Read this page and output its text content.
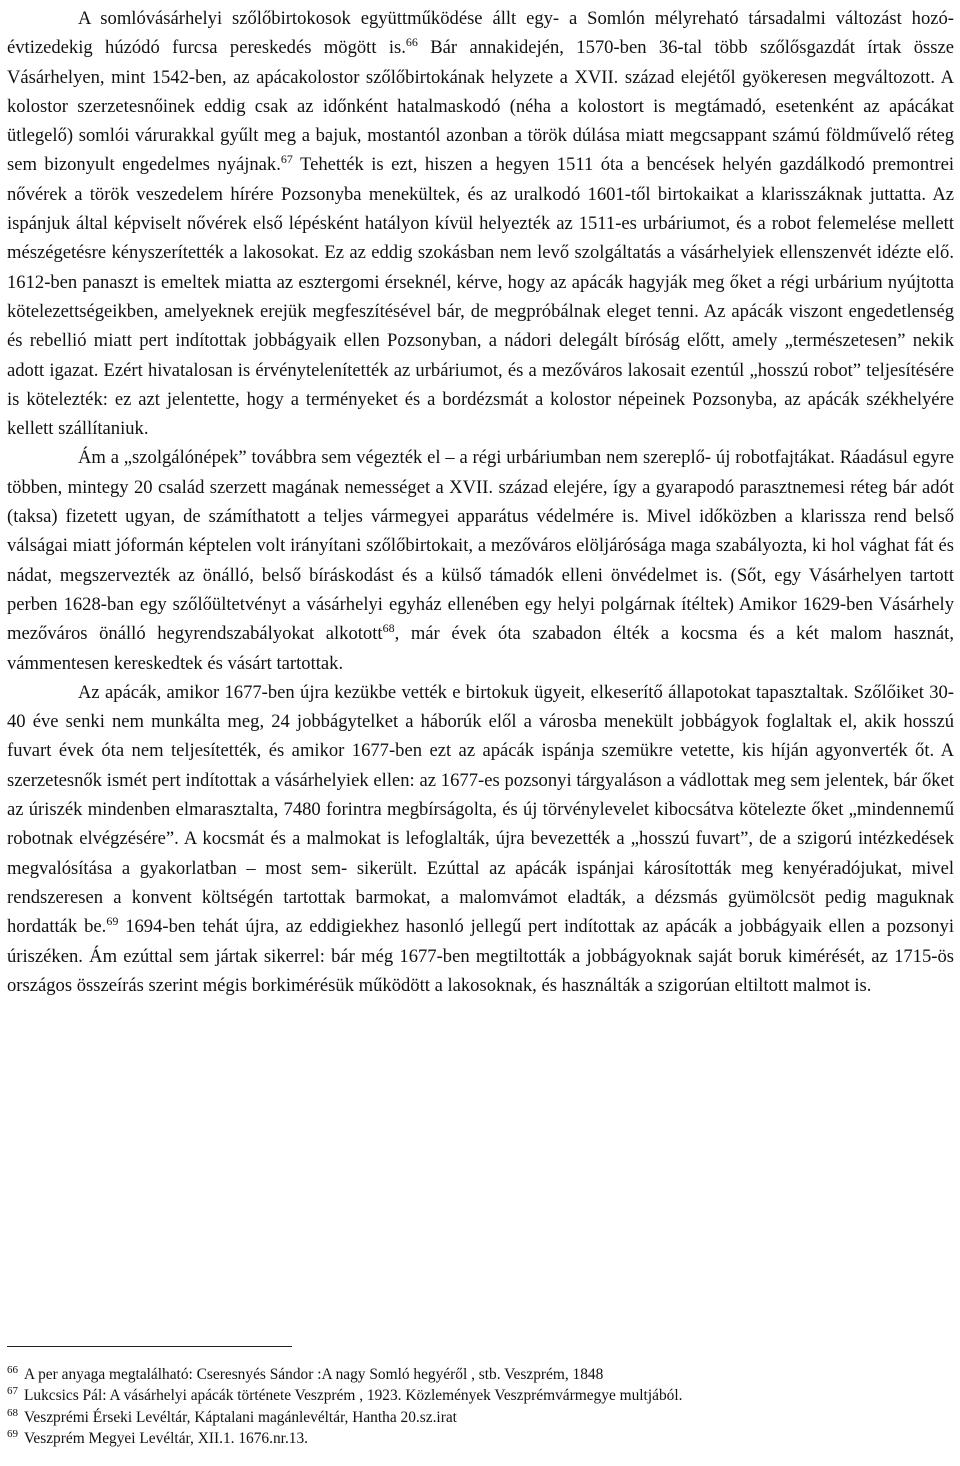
A somlóvásárhelyi szőlőbirtokosok együttműködése állt egy- a Somlón mélyreható társadalmi változást hozó- évtizedekig húzódó furcsa pereskedés mögött is.$^{66}$ Bár annakidején, 1570-ben 36-tal több szőlősgazdát írtak össze Vásárhelyen, mint 1542-ben, az apácakolostor szőlőbirtokának helyzete a XVII. század elejétől gyökeresen megváltozott. A kolostor szerzetesnőinek eddig csak az időnként hatalmaskodó (néha a kolostort is megtámadó, esetenként az apácákat ütlegelő) somlói várurakkal gyűlt meg a bajuk, mostantól azonban a török dúlása miatt megcsappant számú földművelő réteg sem bizonyult engedelmes nyájnak.$^{67}$ Tehették is ezt, hiszen a hegyen 1511 óta a bencések helyén gazdálkodó premontrei nővérek a török veszedelem hírére Pozsonyba menekültek, és az uralkodó 1601-től birtokaikat a klarisszáknak juttatta. Az ispánjuk által képviselt nővérek első lépésként hatályon kívül helyezték az 1511-es urbáriumot, és a robot felemelése mellett mészégetésre kényszerítették a lakosokat. Ez az eddig szokásban nem levő szolgáltatás a vásárhelyiek ellenszenvét idézte elő. 1612-ben panaszt is emeltek miatta az esztergomi érseknél, kérve, hogy az apácák hagyják meg őket a régi urbárium nyújtotta kötelezettségeikben, amelyeknek erejük megfeszítésével bár, de megpróbálnak eleget tenni. Az apácák viszont engedetlenség és rebellió miatt pert indítottak jobbágyaik ellen Pozsonyban, a nádori delegált bíróság előtt, amely „természetesen” nekik adott igazat. Ezért hivatalosan is érvénytelenítették az urbáriumot, és a mezőváros lakosait ezentúl „hosszú robot” teljesítésére is kötelezték: ez azt jelentette, hogy a terményeket és a bordézsmát a kolostor népeinek Pozsonyba, az apácák székhelyére kellett szállítaniuk.

Ám a „szolgálónépek” továbbra sem végezték el – a régi urbáriumban nem szereplő- új robotfajtákat. Ráadásul egyre többen, mintegy 20 család szerzett magának nemességet a XVII. század elejére, így a gyarapodó parasztnemesi réteg bár adót (taksa) fizetett ugyan, de számíthatott a teljes vármegyei apparátus védelmére is. Mivel időközben a klarissza rend belső válságai miatt jóformán képtelen volt irányítani szőlőbirtokait, a mezőváros elöljárósága maga szabályozta, ki hol vághat fát és nádat, megszervezték az önálló, belső bíráskodást és a külső támadók elleni önvédelmet is. (Sőt, egy Vásárhelyen tartott perben 1628-ban egy szőlőültetvényt a vásárhelyi egyház ellenében egy helyi polgárnak ítéltek) Amikor 1629-ben Vásárhely mezőváros önálló hegyrendszabályokat alkotott$^{68}$, már évek óta szabadon élték a kocsma és a két malom hasznát, vámmentesen kereskedtek és vásárt tartottak.

Az apácák, amikor 1677-ben újra kezükbe vették e birtokuk ügyeit, elkeserítő állapotokat tapasztaltak. Szőlőiket 30-40 éve senki nem munkálta meg, 24 jobbágytelket a háborúk elől a városba menekült jobbágyok foglaltak el, akik hosszú fuvart évek óta nem teljesítették, és amikor 1677-ben ezt az apácák ispánja szemükre vetette, kis híján agyonverték őt. A szerzetesnők ismét pert indítottak a vásárhelyiek ellen: az 1677-es pozsonyi tárgyaláson a vádlottak meg sem jelentek, bár őket az úriszék mindenben elmarasztalta, 7480 forintra megbírságolta, és új törvénylevelet kibocsátva kötelezte őket „mindennemű robotnak elvégzésére”. A kocsmát és a malmokat is lefoglalták, újra bevezették a „hosszú fuvart”, de a szigorú intézkedések megvalósítása a gyakorlatban – most sem- sikerült. Ezúttal az apácák ispánjai károsították meg kenyéradójukat, mivel rendszeresen a konvent költségén tartottak barmokat, a malomvámot eladták, a dézsmás gyümölcsöt pedig maguknak hordatták be.$^{69}$ 1694-ben tehát újra, az eddigiekhez hasonló jellegű pert indítottak az apácák a jobbágyaik ellen a pozsonyi úriszéken. Ám ezúttal sem jártak sikerrel: bár még 1677-ben megtiltották a jobbágyoknak saját boruk kimérését, az 1715-ös országos összeírás szerint mégis borkimérésük működött a lakosoknak, és használták a szigorúan eltiltott malmot is.

$^{66}$ A per anyaga megtalálható: Cseresnyés Sándor :A nagy Somló hegyéről , stb. Veszprém, 1848
$^{67}$ Lukcsics Pál: A vásárhelyi apácák története Veszprém , 1923. Közlemények Veszprémvármegye multjából.
$^{68}$ Veszprémi Érseki Levéltár, Káptalani magánlevéltár, Hantha 20.sz.irat
$^{69}$ Veszprém Megyei Levéltár, XII.1. 1676.nr.13.
